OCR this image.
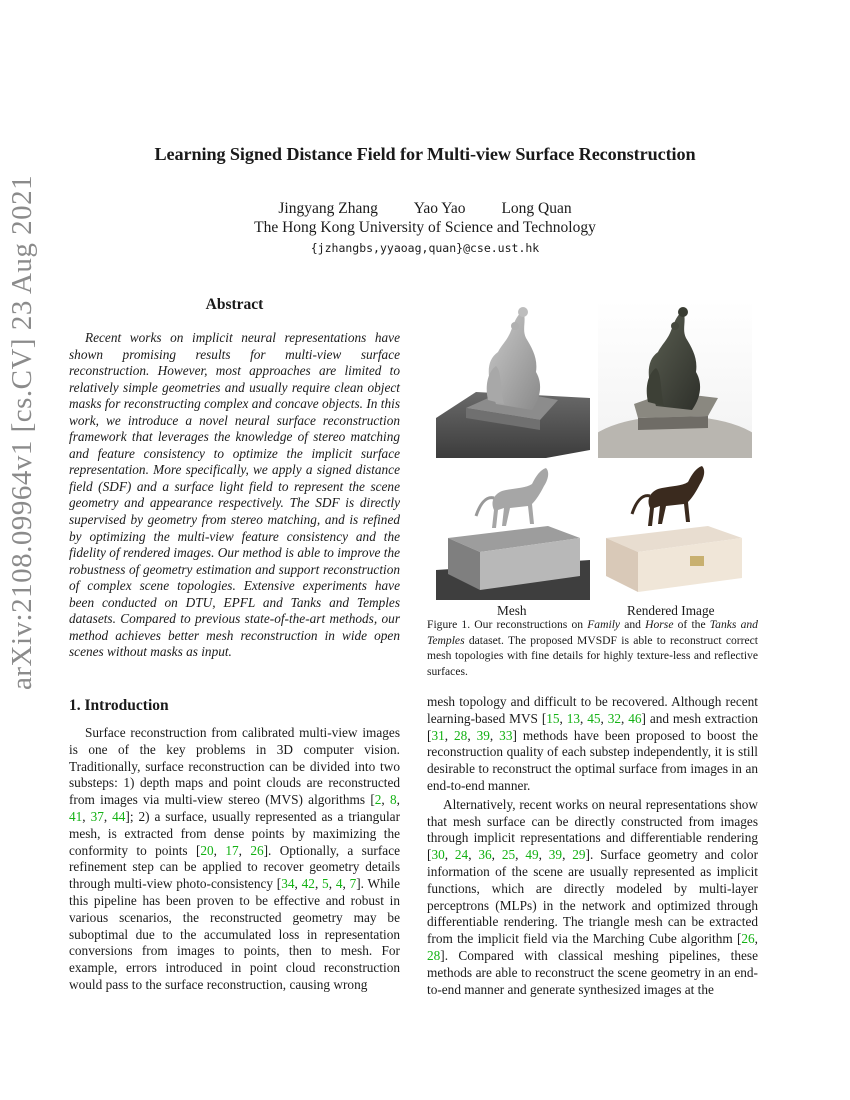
Learning Signed Distance Field for Multi-view Surface Reconstruction
Jingyang Zhang Yao Yao Long Quan
The Hong Kong University of Science and Technology
{jzhangbs,yyaoag,quan}@cse.ust.hk
arXiv:2108.09964v1 [cs.CV] 23 Aug 2021	Abstract
Recent works on implicit neural representations have shown promising results for multi-view surface reconstruction. However, most approaches are limited to relatively simple geometries and usually require clean object masks for reconstructing complex and concave objects. In this work, we introduce a novel neural surface reconstruction framework that leverages the knowledge of stereo matching and feature consistency to optimize the implicit surface representation. More specifically, we apply a signed distance field (SDF) and a surface light field to represent the scene geometry and appearance respectively. The SDF is directly supervised by geometry from stereo matching, and is refined by optimizing the multi-view feature consistency and the fidelity of rendered images. Our method is able to improve the robustness of geometry estimation and support reconstruction of complex scene topologies. Extensive experiments have been conducted on DTU, EPFL and Tanks and Temples datasets. Compared to previous state-of-the-art methods, our method achieves better mesh reconstruction in wide open scenes without masks as input.
Mesh	Rendered Image
Figure 1. Our reconstructions on Family and Horse of the Tanks and Temples dataset. The proposed MVSDF is able to reconstruct correct mesh topologies with fine details for highly texture-less and reflective surfaces.
1. Introduction
Surface reconstruction from calibrated multi-view images is one of the key problems in 3D computer vision. Traditionally, surface reconstruction can be divided into two substeps: 1) depth maps and point clouds are reconstructed from images via multi-view stereo (MVS) algorithms [2, 8, 41, 37, 44]; 2) a surface, usually represented as a triangular mesh, is extracted from dense points by maximizing the conformity to points [20, 17, 26]. Optionally, a surface refinement step can be applied to recover geometry details through multi-view photo-consistency [34, 42, 5, 4, 7]. While this pipeline has been proven to be effective and robust in various scenarios, the reconstructed geometry may be suboptimal due to the accumulated loss in representation conversions from images to points, then to mesh. For example, errors introduced in point cloud reconstruction would pass to the surface reconstruction, causing wrong

mesh topology and difficult to be recovered. Although recent learning-based MVS [15, 13, 45, 32, 46] and mesh extraction [31, 28, 39, 33] methods have been proposed to boost the reconstruction quality of each substep independently, it is still desirable to reconstruct the optimal surface from images in an end-to-end manner.

Alternatively, recent works on neural representations show that mesh surface can be directly constructed from images through implicit representations and differentiable rendering [30, 24, 36, 25, 49, 39, 29]. Surface geometry and color information of the scene are usually represented as implicit functions, which are directly modeled by multi-layer perceptrons (MLPs) in the network and optimized through differentiable rendering. The triangle mesh can be extracted from the implicit field via the Marching Cube algorithm [26, 28]. Compared with classical meshing pipelines, these methods are able to reconstruct the scene geometry in an end-to-end manner and generate synthesized images at the
